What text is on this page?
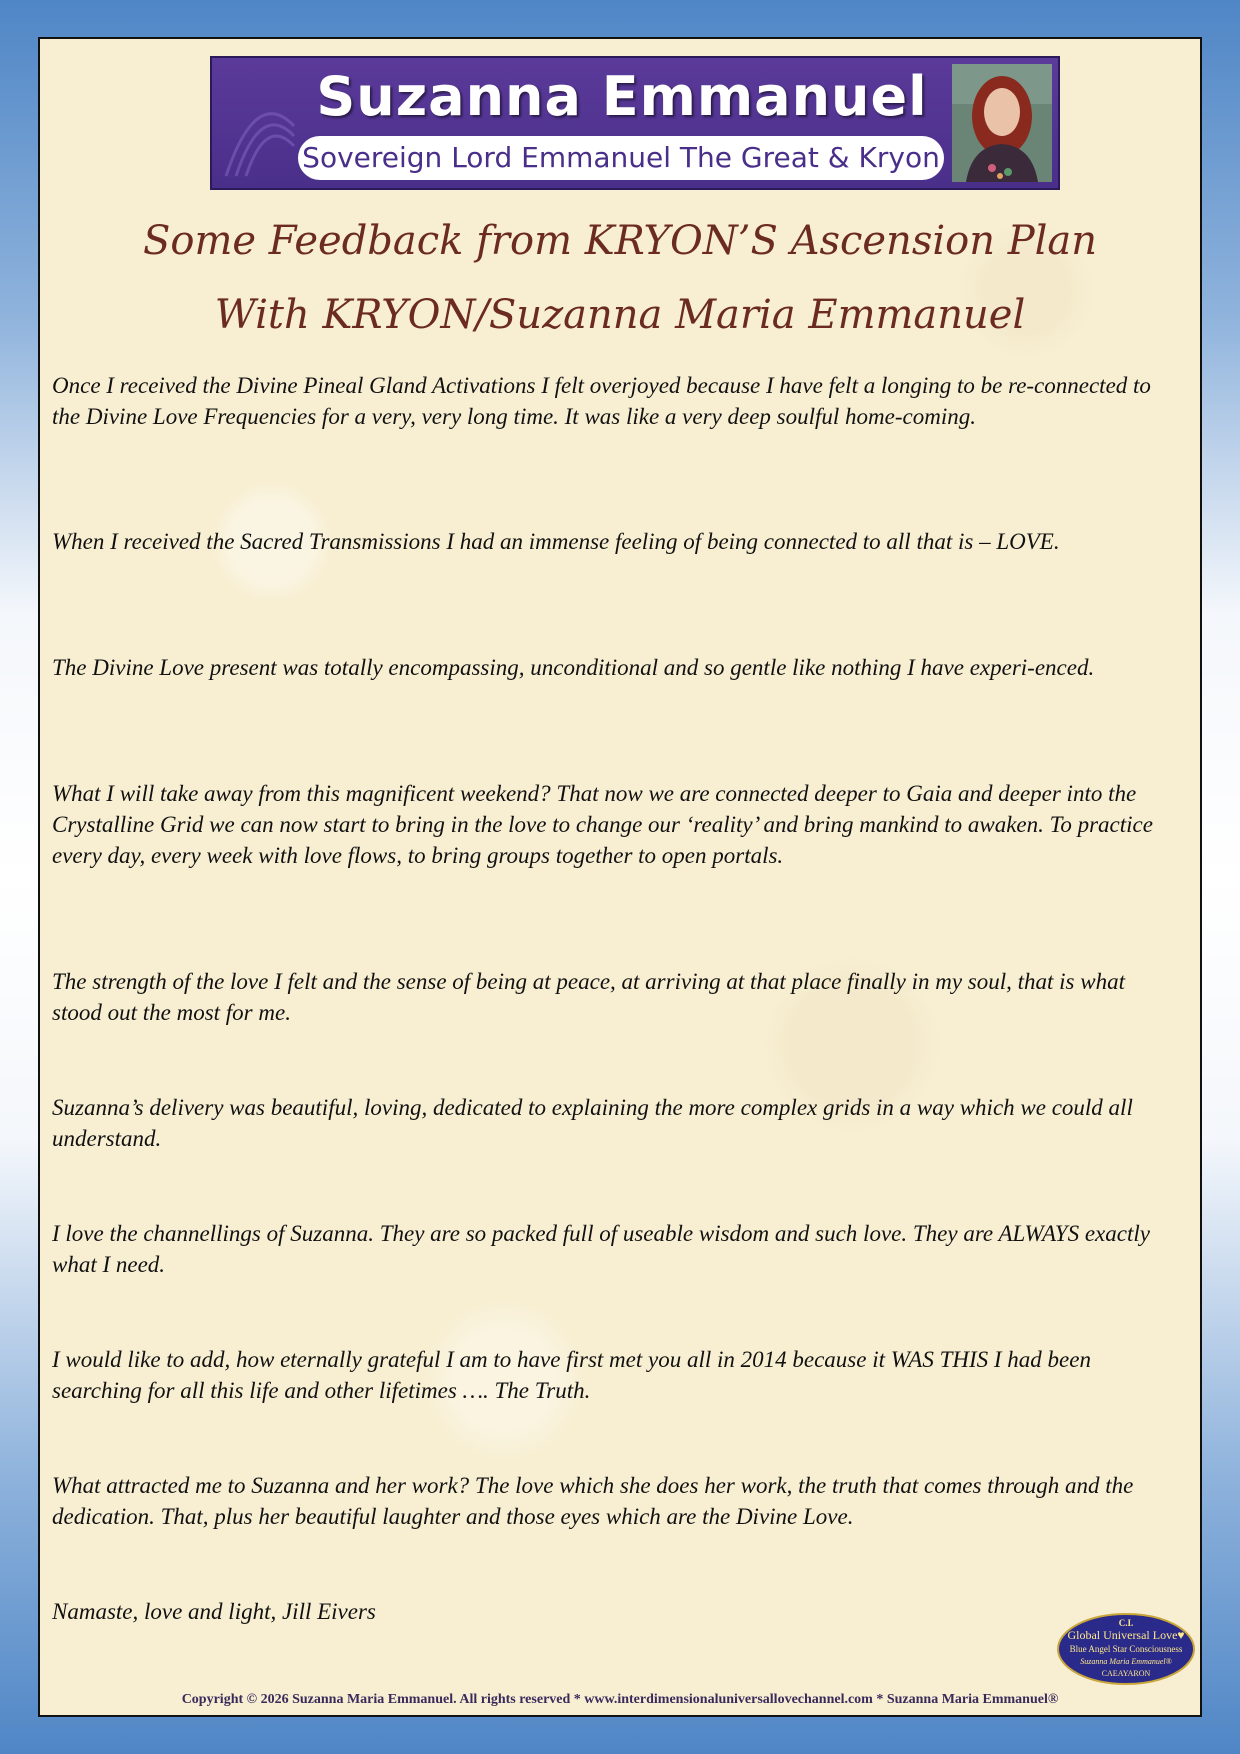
Suzanna Emmanuel
Sovereign Lord Emmanuel The Great & Kryon
Some Feedback from KRYON’S Ascension Plan
With KRYON/Suzanna Maria Emmanuel

Once I received the Divine Pineal Gland Activations I felt overjoyed because I have felt a longing to be re-connected to the Divine Love Frequencies for a very, very long time. It was like a very deep soulful home-coming.

When I received the Sacred Transmissions I had an immense feeling of being connected to all that is – LOVE.

The Divine Love present was totally encompassing, unconditional and so gentle like nothing I have experi-enced.

What I will take away from this magnificent weekend? That now we are connected deeper to Gaia and deeper into the Crystalline Grid we can now start to bring in the love to change our ‘reality’ and bring mankind to awaken. To practice every day, every week with love flows, to bring groups together to open portals.

The strength of the love I felt and the sense of being at peace, at arriving at that place finally in my soul, that is what stood out the most for me.

Suzanna’s delivery was beautiful, loving, dedicated to explaining the more complex grids in a way which we could all understand.

I love the channellings of Suzanna. They are so packed full of useable wisdom and such love. They are ALWAYS exactly what I need.

I would like to add, how eternally grateful I am to have first met you all in 2014 because it WAS THIS I had been searching for all this life and other lifetimes …. The Truth.

What attracted me to Suzanna and her work? The love which she does her work, the truth that comes through and the dedication. That, plus her beautiful laughter and those eyes which are the Divine Love.

Namaste, love and light, Jill Eivers	C.I.
Global Universal Love♥
Blue Angel Star Consciousness
Suzanna Maria Emmanuel®
CAEAYARON
Copyright © 2026 Suzanna Maria Emmanuel. All rights reserved * www.interdimensionaluniversallovechannel.com * Suzanna Maria Emmanuel®
